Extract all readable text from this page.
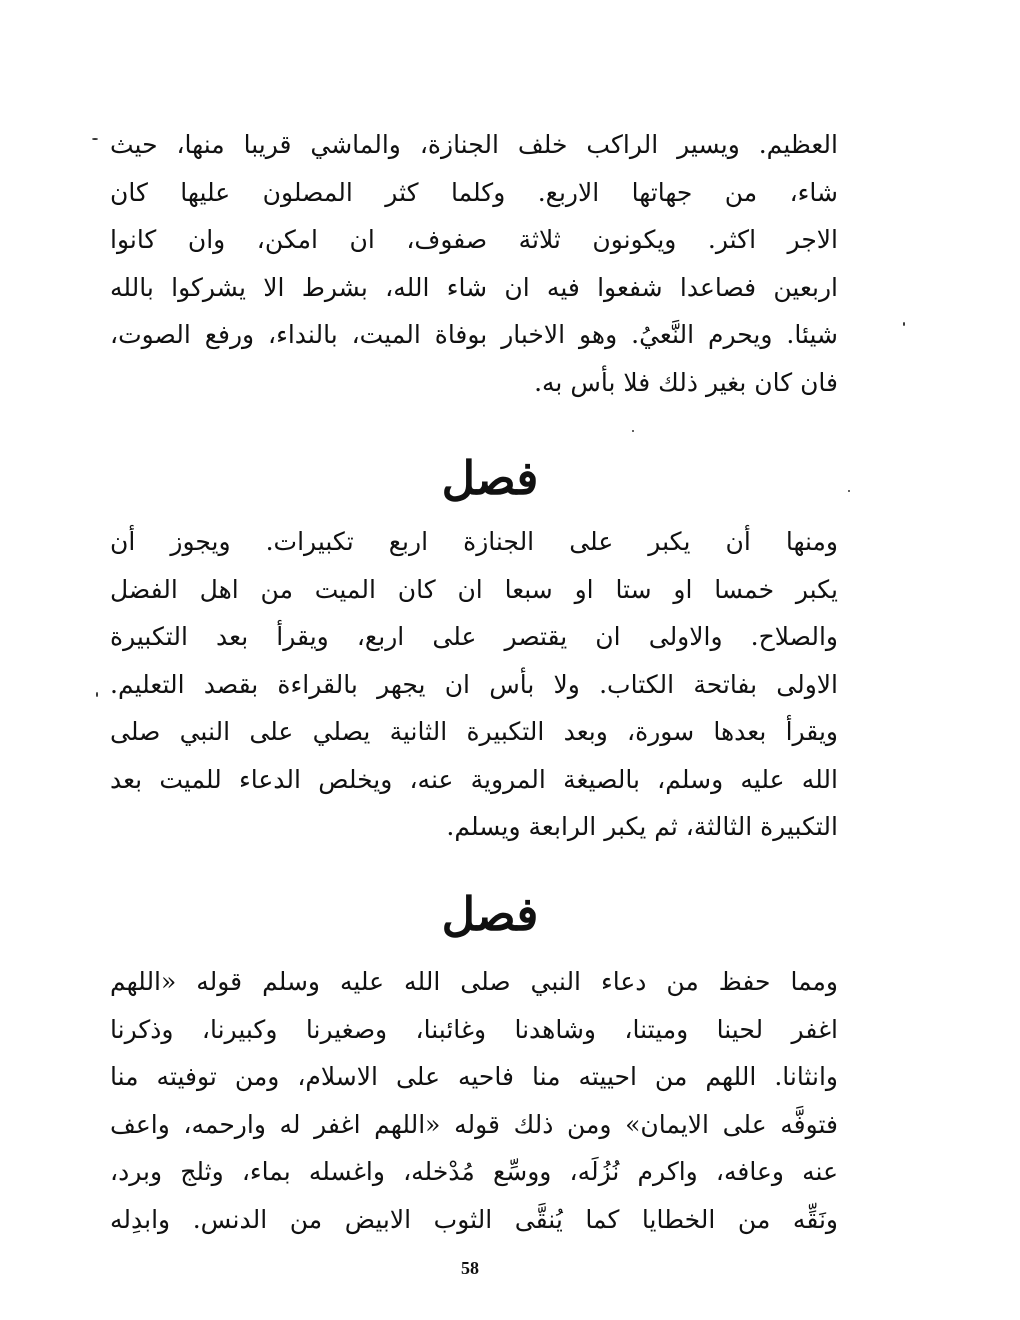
العظيم. ويسير الراكب خلف الجنازة، والماشي قريبا منها، حيث
شاء، من جهاتها الاربع. وكلما كثر المصلون عليها كان
الاجر اكثر. ويكونون ثلاثة صفوف، ان امكن، وان كانوا
اربعين فصاعدا شفعوا فيه ان شاء الله، بشرط الا يشركوا بالله
شيئا. ويحرم النَّعيُ. وهو الاخبار بوفاة الميت، بالنداء، ورفع الصوت،
فان كان بغير ذلك فلا بأس به.
فصل
ومنها أن يكبر على الجنازة اربع تكبيرات. ويجوز أن
يكبر خمسا او ستا او سبعا ان كان الميت من اهل الفضل
والصلاح. والاولى ان يقتصر على اربع، ويقرأ بعد التكبيرة
الاولى بفاتحة الكتاب. ولا بأس ان يجهر بالقراءة بقصد التعليم.
ويقرأ بعدها سورة، وبعد التكبيرة الثانية يصلي على النبي صلى
الله عليه وسلم، بالصيغة المروية عنه، ويخلص الدعاء للميت بعد
التكبيرة الثالثة، ثم يكبر الرابعة ويسلم.
فصل
ومما حفظ من دعاء النبي صلى الله عليه وسلم قوله «اللهم
اغفر لحينا وميتنا، وشاهدنا وغائبنا، وصغيرنا وكبيرنا، وذكرنا
وانثانا. اللهم من احييته منا فاحيه على الاسلام، ومن توفيته منا
فتوفَّه على الايمان» ومن ذلك قوله «اللهم اغفر له وارحمه، واعف
عنه وعافه، واكرم نُزُلَه، ووسِّع مُدْخله، واغسله بماء، وثلج وبرد،
ونَقِّه من الخطايا كما يُنقَّى الثوب الابيض من الدنس. وابدِله
58
